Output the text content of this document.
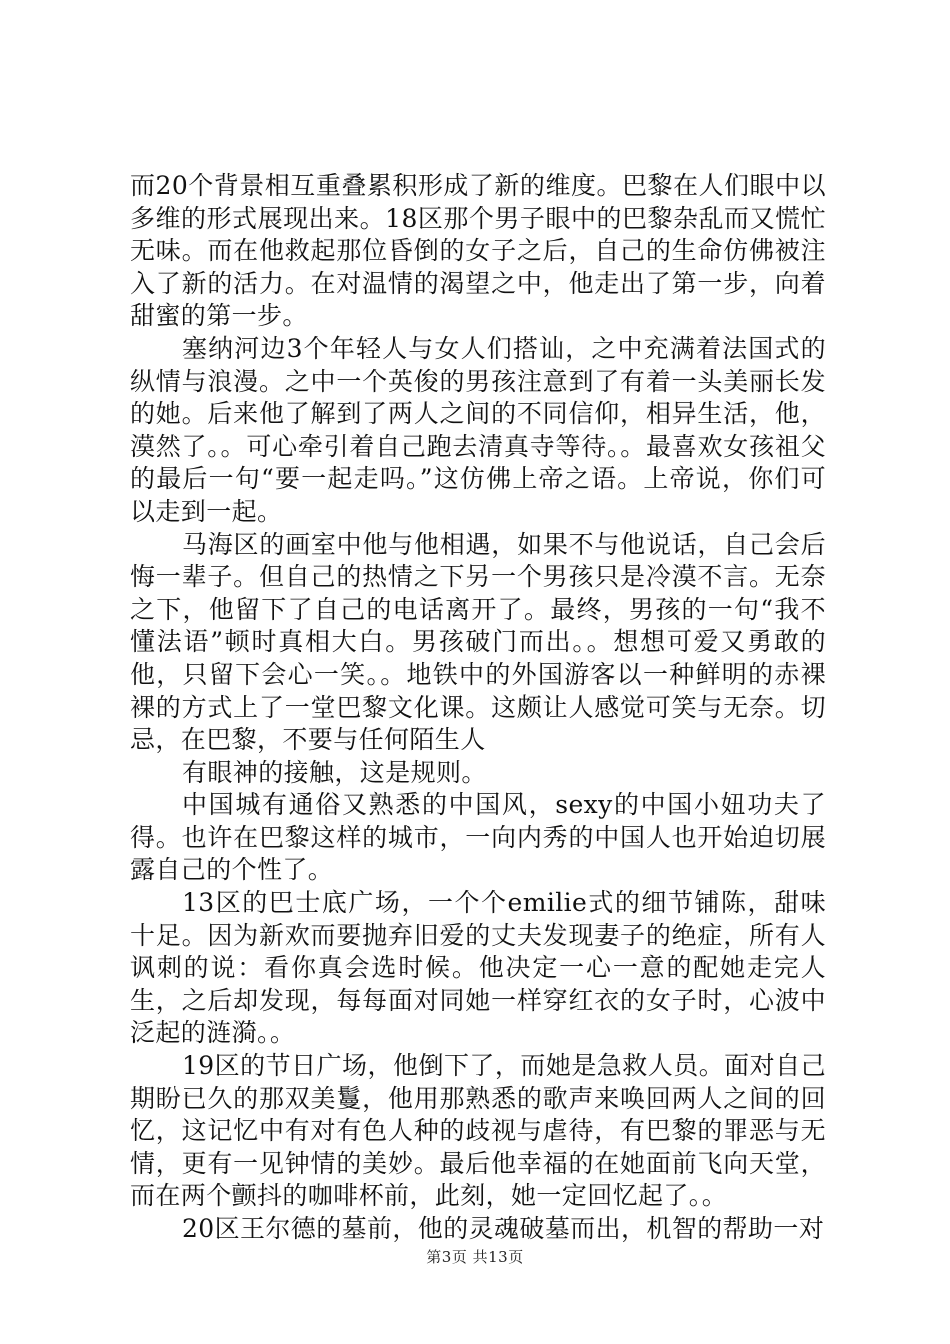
而20个背景相互重叠累积形成了新的维度。巴黎在人们眼中以多维的形式展现出来。18区那个男子眼中的巴黎杂乱而又慌忙无味。而在他救起那位昏倒的女子之后，自己的生命仿佛被注入了新的活力。在对温情的渴望之中，他走出了第一步，向着甜蜜的第一步。

塞纳河边3个年轻人与女人们搭讪，之中充满着法国式的纵情与浪漫。之中一个英俊的男孩注意到了有着一头美丽长发的她。后来他了解到了两人之间的不同信仰，相异生活，他，漠然了。。可心牵引着自己跑去清真寺等待。。最喜欢女孩祖父的最后一句“要一起走吗。”这仿佛上帝之语。上帝说，你们可以走到一起。

马海区的画室中他与他相遇，如果不与他说话，自己会后悔一辈子。但自己的热情之下另一个男孩只是冷漠不言。无奈之下，他留下了自己的电话离开了。最终，男孩的一句“我不懂法语”顿时真相大白。男孩破门而出。。想想可爱又勇敢的他，只留下会心一笑。。地铁中的外国游客以一种鲜明的赤裸裸的方式上了一堂巴黎文化课。这颇让人感觉可笑与无奈。切忌，在巴黎，不要与任何陌生人

有眼神的接触，这是规则。

中国城有通俗又熟悉的中国风，sexy的中国小妞功夫了得。也许在巴黎这样的城市，一向内秀的中国人也开始迫切展露自己的个性了。

13区的巴士底广场，一个个emilie式的细节铺陈，甜味十足。因为新欢而要抛弃旧爱的丈夫发现妻子的绝症，所有人讽刺的说：看你真会选时候。他决定一心一意的配她走完人生，之后却发现，每每面对同她一样穿红衣的女子时，心波中泛起的涟漪。。

19区的节日广场，他倒下了，而她是急救人员。面对自己期盼已久的那双美鬘，他用那熟悉的歌声来唤回两人之间的回忆，这记忆中有对有色人种的歧视与虐待，有巴黎的罪恶与无情，更有一见钟情的美妙。最后他幸福的在她面前飞向天堂，而在两个颤抖的咖啡杯前，此刻，她一定回忆起了。。

20区王尔德的墓前，他的灵魂破墓而出，机智的帮助一对

第3页 共13页
